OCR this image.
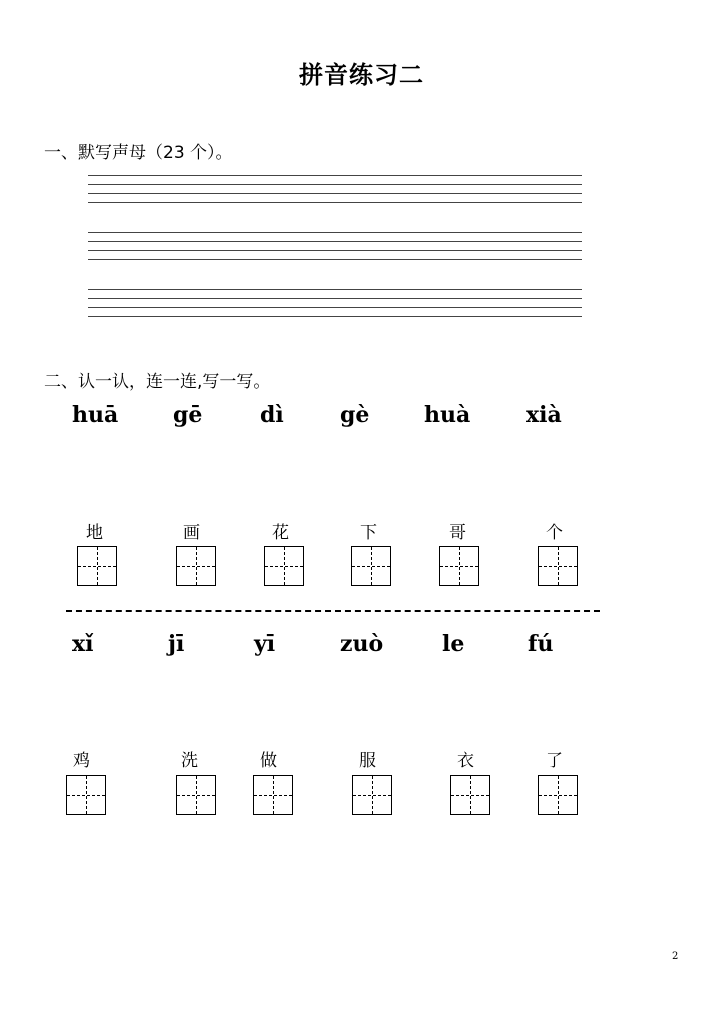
拼音练习二
一、默写声母（23 个）。
二、认一认，连一连,写一写。
huā gē	dì	gè huà	xià
地	画	花	下	哥	个
xǐ	jī	yī	zuò	le	fú
鸡	洗	做	服	衣	了
2
